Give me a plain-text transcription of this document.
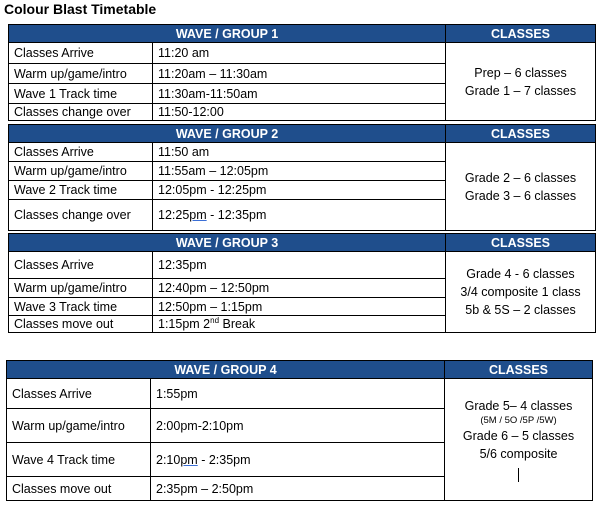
Colour Blast Timetable
WAVE / GROUP 1		CLASSES
Classes Arrive	11:20 am	Prep – 6 classes
Grade 1 – 7 classes

Warm up/game/intro	11:20am – 11:30am	
Wave 1 Track time	11:30am-11:50am	
Classes change over	11:50-12:00	
WAVE / GROUP 2		CLASSES
Classes Arrive	11:50 am	Grade 2 – 6 classes
Grade 3 – 6 classes

Warm up/game/intro	11:55am – 12:05pm	
Wave 2 Track time	12:05pm - 12:25pm	
Classes change over	12:25pm - 12:35pm	
WAVE / GROUP 3		CLASSES
Classes Arrive	12:35pm	Grade 4 - 6 classes
3/4 composite 1 class
5b & 5S – 2 classes

Warm up/game/intro	12:40pm – 12:50pm	
Wave 3 Track time	12:50pm – 1:15pm	
Classes move out	1:15pm 2nd Break	
WAVE / GROUP 4		CLASSES
Classes Arrive	1:55pm	Grade 5– 4 classes
(5M / 5O /5P /5W)
Grade 6 – 5 classes
5/6 composite

Warm up/game/intro	2:00pm-2:10pm	
Wave 4 Track time	2:10pm - 2:35pm	
Classes move out	2:35pm – 2:50pm	
